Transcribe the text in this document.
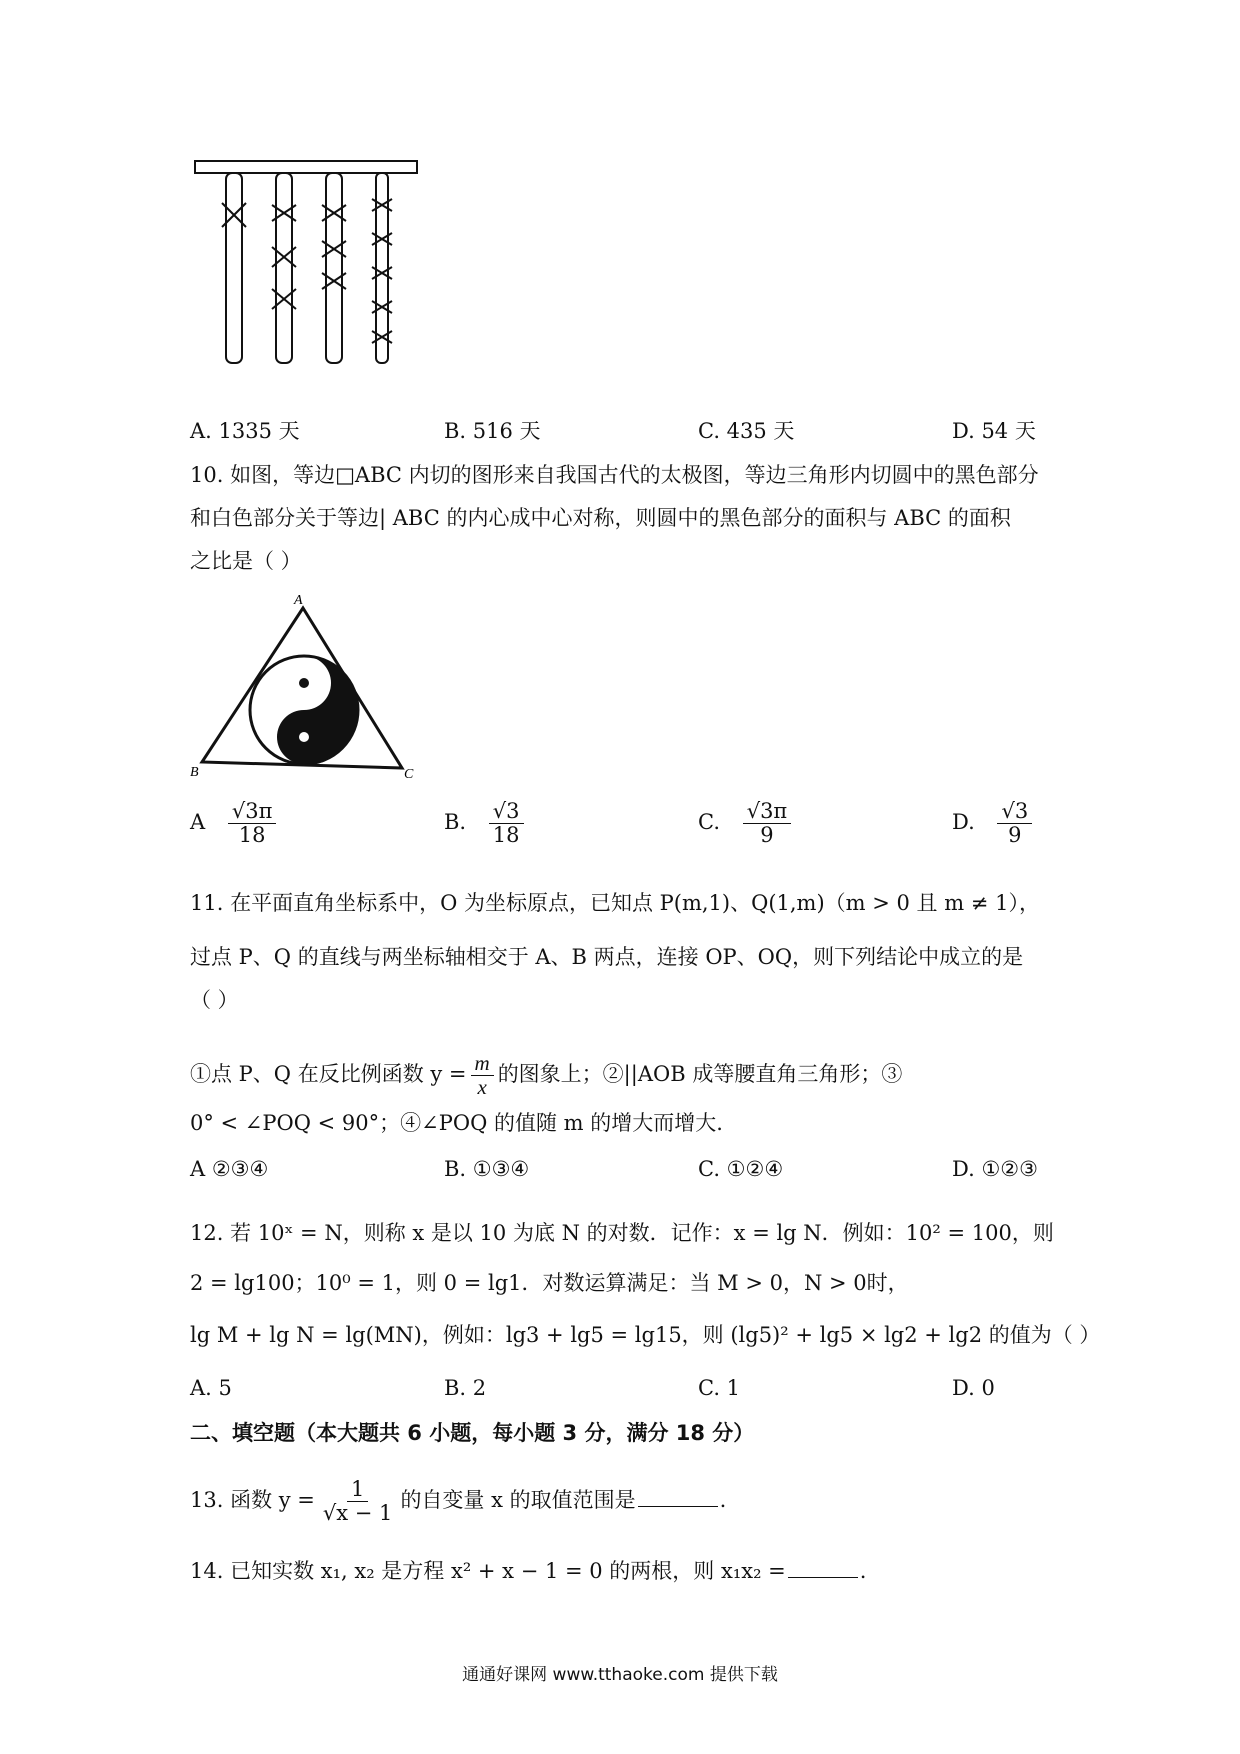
A. 1335 天	B. 516 天	C. 435 天	D. 54 天
10. 如图，等边□ABC 内切的图形来自我国古代的太极图，等边三角形内切圆中的黑色部分
和白色部分关于等边| ABC 的内心成中心对称，则圆中的黑色部分的面积与 ABC 的面积
之比是（ ）
A
B	C
A $\frac{√3\pi}{18}$	B. $\frac{√3}{18}$	C. $\frac{√3\pi}{9}$	D. $\frac{√3}{9}$
11. 在平面直角坐标系中，O 为坐标原点，已知点 P(m,1)、Q(1,m)（m > 0 且 m ≠ 1），
过点 P、Q 的直线与两坐标轴相交于 A、B 两点，连接 OP、OQ，则下列结论中成立的是
（ ）
①点 P、Q 在反比例函数 $y = \frac{m}{x}$ 的图象上；②||AOB 成等腰直角三角形；③
0° < ∠POQ < 90°；④∠POQ 的值随 m 的增大而增大.
A ②③④	B. ①③④	C. ①②④	D. ①②③
12. 若 10ˣ = N，则称 x 是以 10 为底 N 的对数．记作：x = lg N．例如：10² = 100，则
2 = lg100；10⁰ = 1，则 0 = lg1．对数运算满足：当 M > 0，N > 0时，
lg M + lg N = lg(MN)，例如：lg3 + lg5 = lg15，则 (lg5)² + lg5 × lg2 + lg2 的值为（ ）
A. 5	B. 2	C. 1	D. 0
二、填空题（本大题共 6 小题，每小题 3 分，满分 18 分）
13. 函数 $y = \frac{1}{√x - 1}$ 的自变量 x 的取值范围是	.
14. 已知实数 x₁, x₂ 是方程 x² + x − 1 = 0 的两根，则 x₁x₂ =	.
通通好课网 www.tthaoke.com 提供下载
